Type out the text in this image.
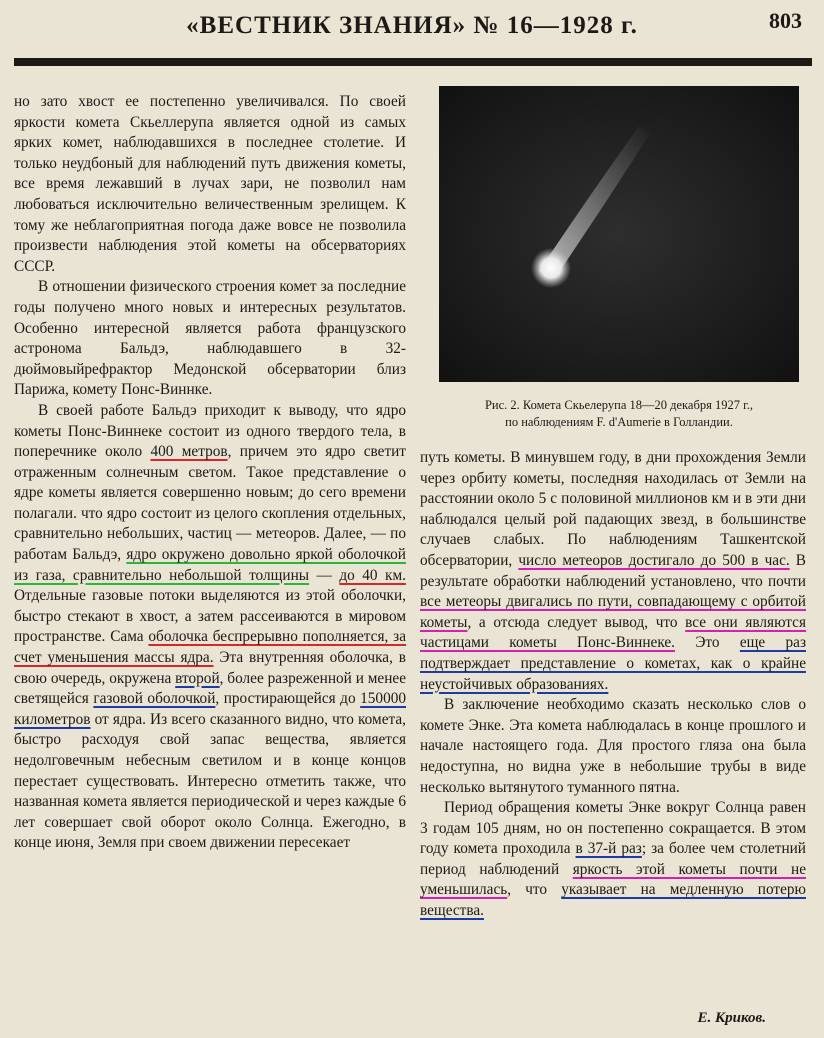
«ВЕСТНИК ЗНАНИЯ» № 16—1928 г.	803
Рис. 2. Комета Скьелерупа 18—20 декабря 1927 г.,
по наблюдениям F. d'Aumerie в Голландии.

но зато хвост ее постепенно увеличивался. По своей яркости комета Скьеллерупа является одной из самых ярких комет, наблюдавшихся в последнее столетие. И только неудбоный для наблюдений путь движения кометы, все время лежавший в лучах зари, не позволил нам любоваться исключительно величественным зрелищем. К тому же неблагоприятная погода даже вовсе не позволила произвести наблюдения этой кометы на обсерваториях СССР.

В отношении физического строения комет за последние годы получено много новых и интересных результатов. Особенно интересной является работа французского астронома Бальдэ, наблюдавшего в 32-дюймовыйрефрактор Медонской обсерватории близ Парижа, комету Понс-Виннке.

В своей работе Бальдэ приходит к выводу, что ядро кометы Понс-Виннеке состоит из одного твердого тела, в поперечнике около 400 метров, причем это ядро светит отраженным солнечным светом. Такое представление о ядре кометы является совершенно новым; до сего времени полагали. что ядро состоит из целого скопления отдельных, сравнительно небольших, частиц — метеоров. Далее, — по работам Бальдэ, ядро окружено довольно яркой оболочкой из газа, сравнительно небольшой толщины — до 40 км. Отдельные газовые потоки выделяются из этой оболочки, быстро стекают в хвост, а затем рассеиваются в мировом пространстве. Сама оболочка беспрерывно пополняется, за счет уменьшения массы ядра. Эта внутренняя оболочка, в свою очередь, окружена второй, более разреженной и менее светящейся газовой оболочкой, простирающейся до 150000 километров от ядра. Из всего сказанного видно, что комета, быстро расходуя свой запас вещества, является недолговечным небесным светилом и в конце концов перестает существовать. Интересно отметить также, что названная комета является периодической и через каждые 6 лет совершает свой оборот около Солнца. Ежегодно, в конце июня, Земля при своем движении пересекает

путь кометы. В минувшем году, в дни прохождения Земли через орбиту кометы, последняя находилась от Земли на расстоянии около 5 с половиной миллионов км и в эти дни наблюдался целый рой падающих звезд, в большинстве случаев слабых. По наблюдениям Ташкентской обсерватории, число метеоров достигало до 500 в час. В результате обработки наблюдений установлено, что почти все метеоры двигались по пути, совпадающему с орбитой кометы, а отсюда следует вывод, что все они являются частицами кометы Понс-Виннеке. Это еще раз подтверждает представление о кометах, как о крайне неустойчивых образованиях.

В заключение необходимо сказать несколько слов о комете Энке. Эта комета наблюдалась в конце прошлого и начале настоящего года. Для простого гляза она была недоступна, но видна уже в небольшие трубы в виде несколько вытянутого туманного пятна.

Период обращения кометы Энке вокруг Солнца равен 3 годам 105 дням, но он постепенно сокращается. В этом году комета проходила в 37-й раз; за более чем столетний период наблюдений яркость этой кометы почти не уменьшилась, что указывает на медленную потерю вещества.

Е. Криков.
